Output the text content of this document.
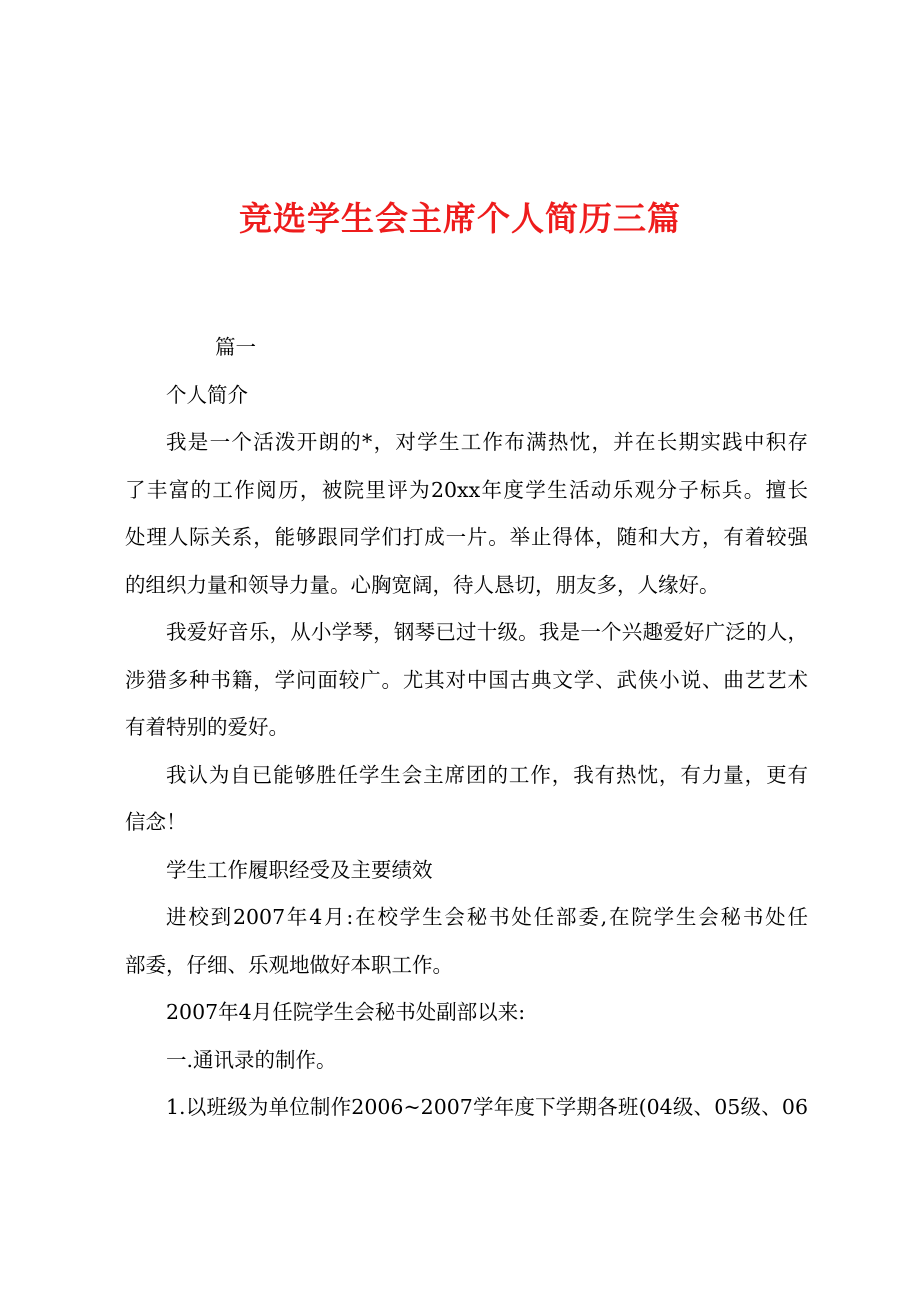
竞选学生会主席个人简历三篇
篇一
个人简介
我是一个活泼开朗的*，对学生工作布满热忱，并在长期实践中积存
了丰富的工作阅历，被院里评为20xx年度学生活动乐观分子标兵。擅长
处理人际关系，能够跟同学们打成一片。举止得体，随和大方，有着较强
的组织力量和领导力量。心胸宽阔，待人恳切，朋友多，人缘好。
我爱好音乐，从小学琴，钢琴已过十级。我是一个兴趣爱好广泛的人，
涉猎多种书籍，学问面较广。尤其对中国古典文学、武侠小说、曲艺艺术
有着特别的爱好。
我认为自已能够胜任学生会主席团的工作，我有热忱，有力量，更有
信念！
学生工作履职经受及主要绩效
进校到2007年4月:在校学生会秘书处任部委,在院学生会秘书处任
部委，仔细、乐观地做好本职工作。
2007年4月任院学生会秘书处副部以来:
一.通讯录的制作。
1.以班级为单位制作2006~2007学年度下学期各班(04级、05级、06
